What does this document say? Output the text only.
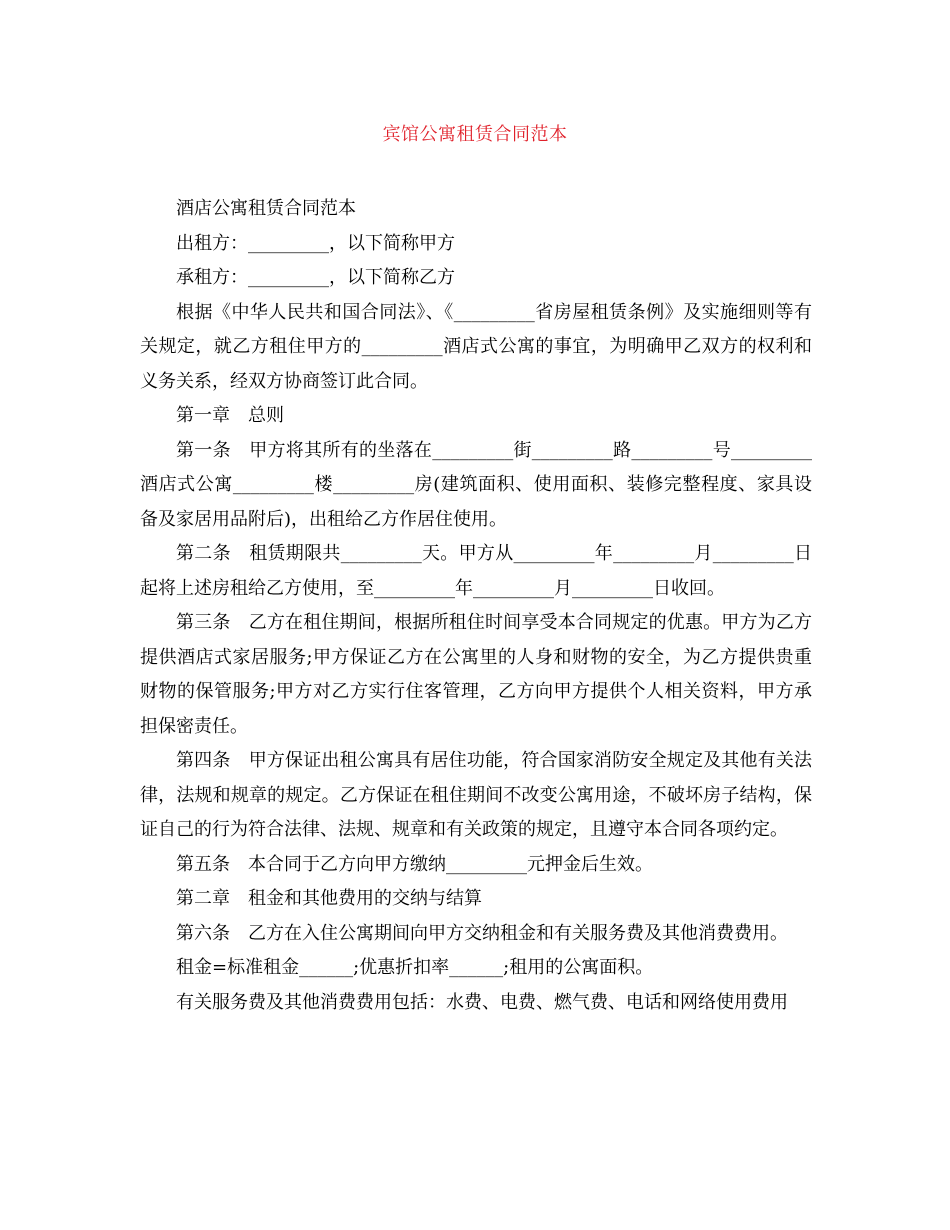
宾馆公寓租赁合同范本

酒店公寓租赁合同范本

出租方：_________，以下简称甲方

承租方：_________，以下简称乙方

根据《中华人民共和国合同法》、《_________省房屋租赁条例》及实施细则等有关规定，就乙方租住甲方的_________酒店式公寓的事宜，为明确甲乙双方的权利和义务关系，经双方协商签订此合同。

第一章　总则

第一条　甲方将其所有的坐落在_________街_________路_________号_________酒店式公寓_________楼_________房(建筑面积、使用面积、装修完整程度、家具设备及家居用品附后)，出租给乙方作居住使用。

第二条　租赁期限共_________天。甲方从_________年_________月_________日起将上述房租给乙方使用，至_________年_________月_________日收回。

第三条　乙方在租住期间，根据所租住时间享受本合同规定的优惠。甲方为乙方提供酒店式家居服务;甲方保证乙方在公寓里的人身和财物的安全，为乙方提供贵重财物的保管服务;甲方对乙方实行住客管理，乙方向甲方提供个人相关资料，甲方承担保密责任。

第四条　甲方保证出租公寓具有居住功能，符合国家消防安全规定及其他有关法律，法规和规章的规定。乙方保证在租住期间不改变公寓用途，不破坏房子结构，保证自己的行为符合法律、法规、规章和有关政策的规定，且遵守本合同各项约定。

第五条　本合同于乙方向甲方缴纳_________元押金后生效。

第二章　租金和其他费用的交纳与结算

第六条　乙方在入住公寓期间向甲方交纳租金和有关服务费及其他消费费用。

租金=标准租金______;优惠折扣率______;租用的公寓面积。

有关服务费及其他消费费用包括：水费、电费、燃气费、电话和网络使用费用
